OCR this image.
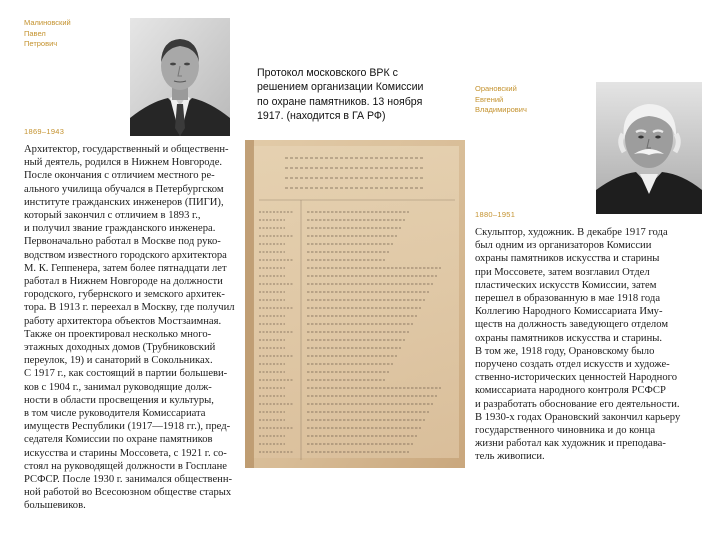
Малиновский

Павел

Петрович

1869–1943

Архитектор, государственный и общественн-

ный деятель, родился в Нижнем Новгороде.

После окончания с отличием местного ре-

ального училища обучался в Петербургском

институте гражданских инженеров (ПИГИ),

который закончил с отличием в 1893 г.,

и получил звание гражданского инженера.

Первоначально работал в Москве под руко-

водством известного городского архитектора

М. К. Геппенера, затем более пятнадцати лет

работал в Нижнем Новгороде на должности

городского, губернского и земского архитек-

тора. В 1913 г. переехал в Москву, где получил

работу архитектора объектов Мостзаимная.

Также он проектировал несколько много-

этажных доходных домов (Трубниковский

переулок, 19) и санаторий в Сокольниках.

С 1917 г., как состоящий в партии большеви-

ков с 1904 г., занимал руководящие долж-

ности в области просвещения и культуры,

в том числе руководителя Комиссариата

имуществ Республики (1917—1918 гг.), пред-

седателя Комиссии по охране памятников

искусства и старины Моссовета, с 1921 г. со-

стоял на руководящей должности в Госплане

РСФСР. После 1930 г. занимался общественн-

ной работой во Всесоюзном обществе старых

большевиков.

Протокол московского ВРК с

решением организации Комиссии

по охране памятников. 13 ноября

1917. (находится в ГА РФ)

Орановский

Евгений

Владимирович

1880–1951

Скульптор, художник. В декабре 1917 года

был одним из организаторов Комиссии

охраны памятников искусства и старины

при Моссовете, затем возглавил Отдел

пластических искусств Комиссии, затем

перешел в образованную в мае 1918 года

Коллегию Народного Комиссариата Иму-

ществ на должность заведующего отделом

охраны памятников искусства и старины.

В том же, 1918 году, Орановскому было

поручено создать отдел искусств и художе-

ственно-исторических ценностей Народного

комиссариата народного контроля РСФСР

и разработать обоснование его деятельности.

В 1930-х годах Орановский закончил карьеру

государственного чиновника и до конца

жизни работал как художник и преподава-

тель живописи.
